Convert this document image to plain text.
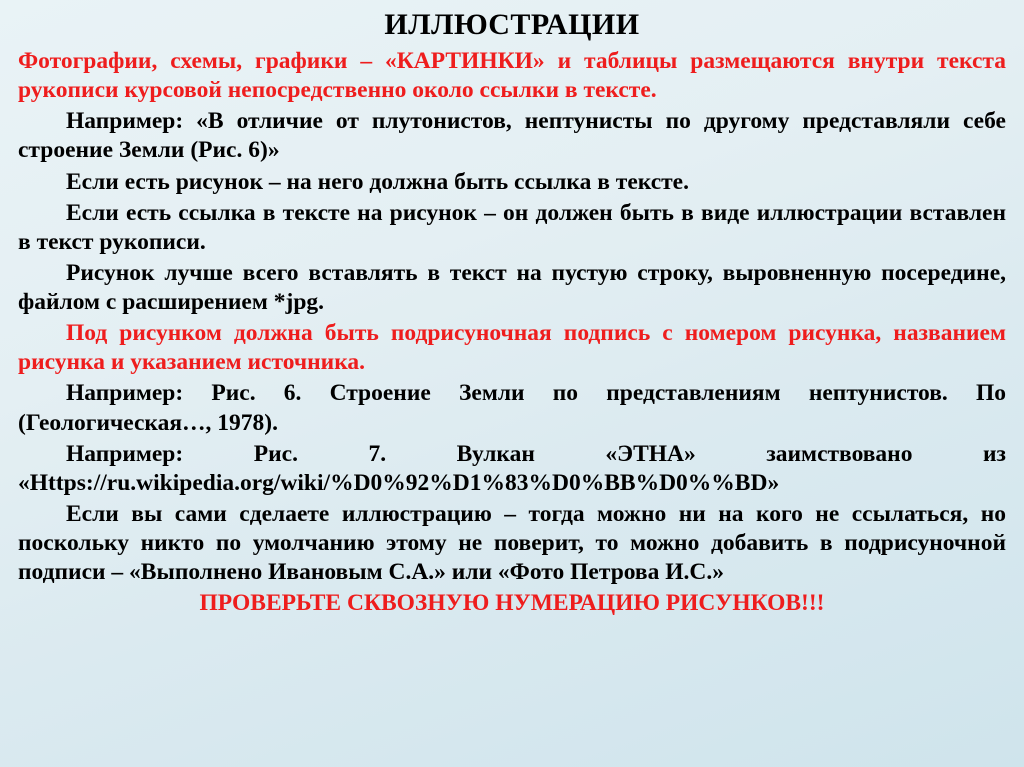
ИЛЛЮСТРАЦИИ
Фотографии, схемы, графики – «КАРТИНКИ» и таблицы размещаются внутри текста рукописи курсовой непосредственно около ссылки в тексте.
Например: «В отличие от плутонистов, нептунисты по другому представляли себе строение Земли (Рис. 6)»
Если есть рисунок – на него должна быть ссылка в тексте.
Если есть ссылка в тексте на рисунок – он должен быть в виде иллюстрации вставлен в текст рукописи.
Рисунок лучше всего вставлять в текст на пустую строку, выровненную посередине, файлом с расширением *jpg.
Под рисунком должна быть подрисуночная подпись с номером рисунка, названием рисунка и указанием источника.
Например: Рис. 6. Строение Земли по представлениям нептунистов. По (Геологическая…, 1978).
Например: Рис. 7. Вулкан «ЭТНА» заимствовано из «Https://ru.wikipedia.org/wiki/%D0%92%D1%83%D0%BB%D0%%BD»
Если вы сами сделаете иллюстрацию – тогда можно ни на кого не ссылаться, но поскольку никто по умолчанию этому не поверит, то можно добавить в подрисуночной подписи – «Выполнено Ивановым С.А.» или «Фото Петрова И.С.»
ПРОВЕРЬТЕ СКВОЗНУЮ НУМЕРАЦИЮ РИСУНКОВ!!!
